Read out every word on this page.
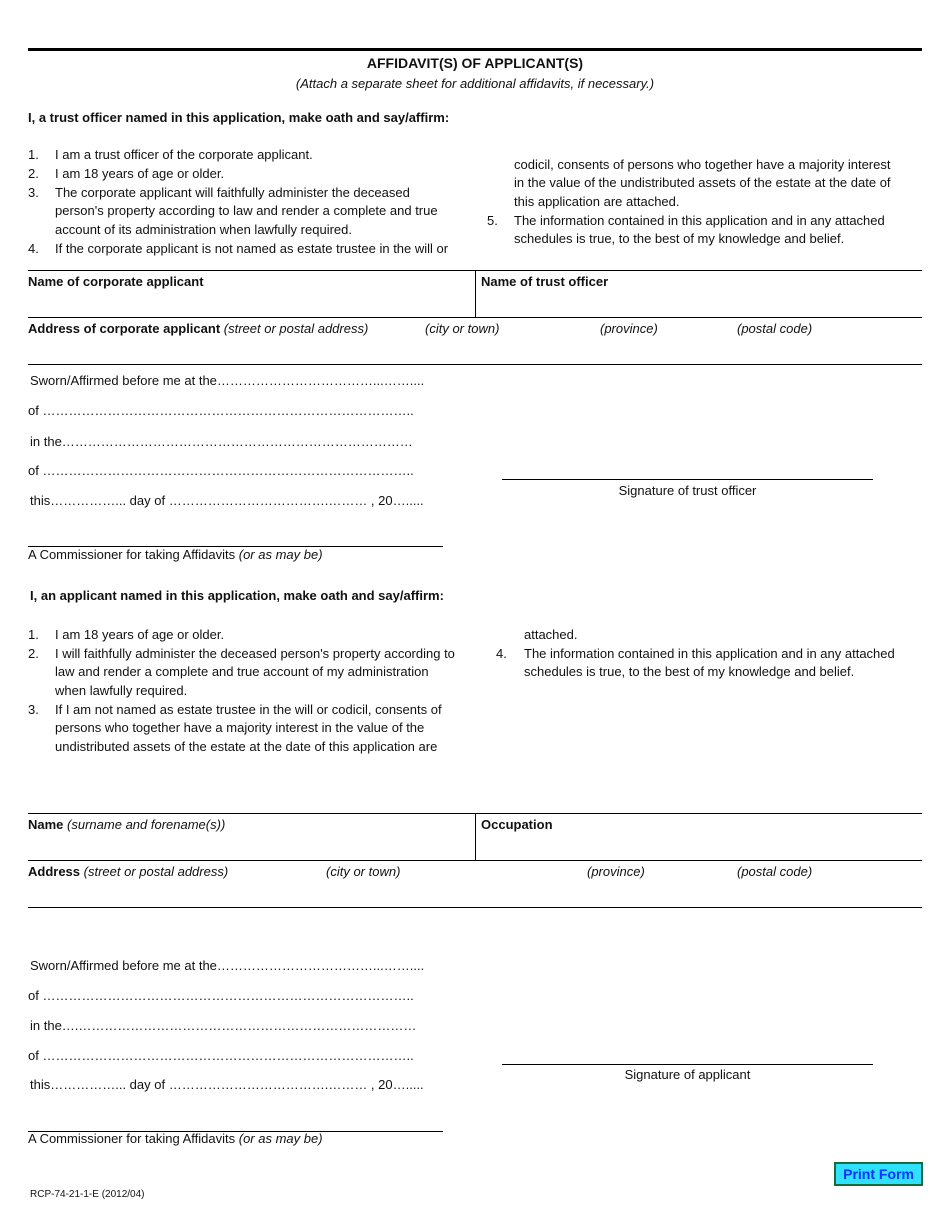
AFFIDAVIT(S) OF APPLICANT(S)
(Attach a separate sheet for additional affidavits, if necessary.)
I, a trust officer named in this application, make oath and say/affirm:
1. I am a trust officer of the corporate applicant.
2. I am 18 years of age or older.
3. The corporate applicant will faithfully administer the deceased
person's property according to law and render a complete and true
account of its administration when lawfully required.
4. If the corporate applicant is not named as estate trustee in the will or
codicil, consents of persons who together have a majority interest
in the value of the undistributed assets of the estate at the date of
this application are attached.
5. The information contained in this application and in any attached
schedules is true, to the best of my knowledge and belief.
Name of corporate applicant	Name of trust officer
Address of corporate applicant (street or postal address)	(city or town)	(province)	(postal code)
Sworn/Affirmed before me at the………………………………...……....
of …………………………………………………………………………..
in the………………………………………………………………………
of …………………………………………………………………………..
this……………... day of ……………………………….……… , 20….....
Signature of trust officer
A Commissioner for taking Affidavits (or as may be)
I, an applicant named in this application, make oath and say/affirm:
1. I am 18 years of age or older.
2. I will faithfully administer the deceased person's property according to
law and render a complete and true account of my administration
when lawfully required.
3. If I am not named as estate trustee in the will or codicil, consents of
persons who together have a majority interest in the value of the
undistributed assets of the estate at the date of this application are
attached.
4. The information contained in this application and in any attached
schedules is true, to the best of my knowledge and belief.
Name (surname and forename(s))	Occupation
Address (street or postal address)	(city or town)	(province)	(postal code)
Sworn/Affirmed before me at the………………………………...……....
of …………………………………………………………………………..
in the….……………………………………………………………………
of …………………………………………………………………………..
this……………... day of ……………………………….……… , 20….....
Signature of applicant
A Commissioner for taking Affidavits (or as may be)
Print Form
RCP-74-21-1-E (2012/04)
